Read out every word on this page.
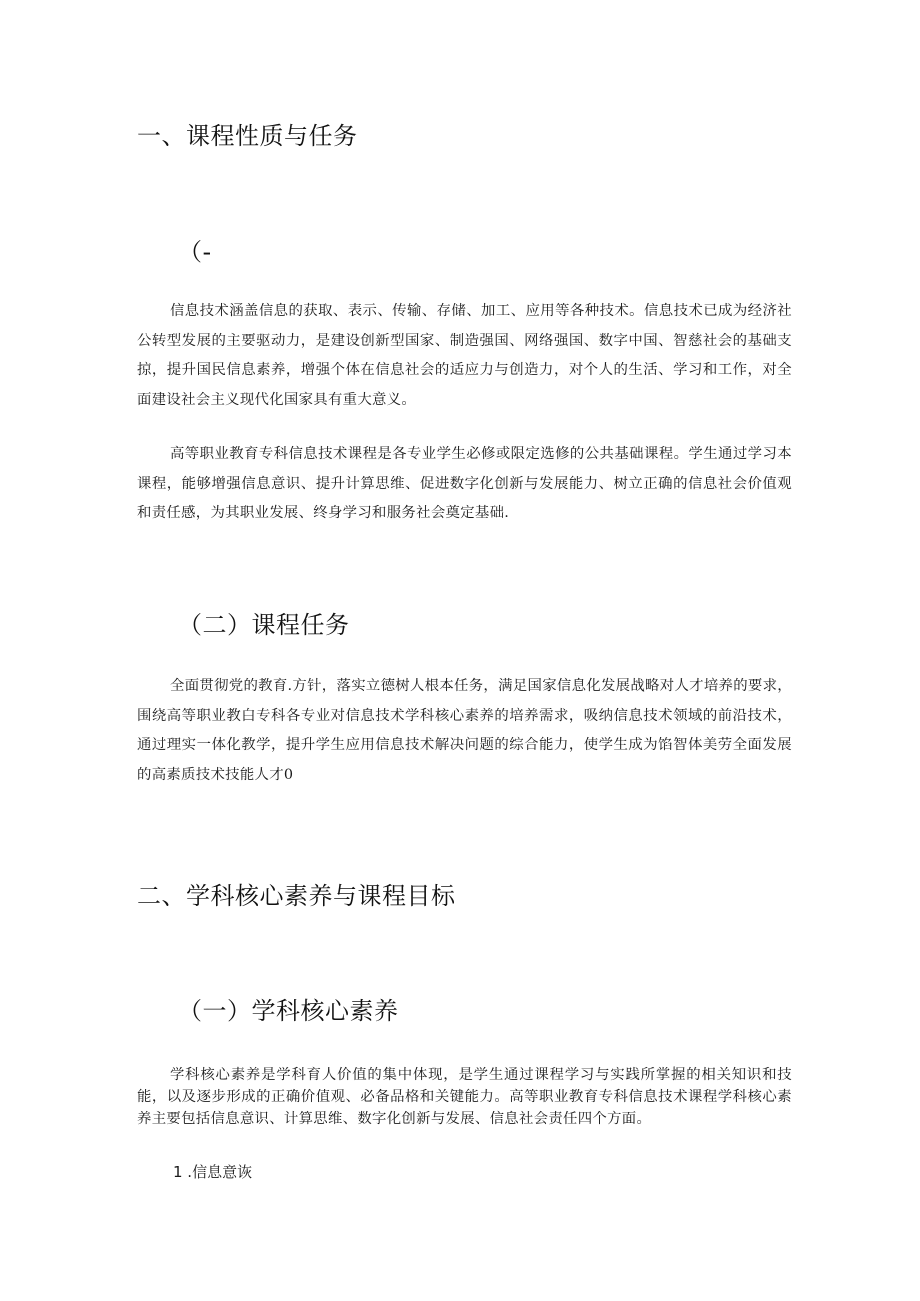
一、课程性质与任务
（-
信息技术涵盖信息的获取、表示、传输、存储、加工、应用等各种技术。信息技术已成为经济社公转型发展的主要驱动力，是建设创新型国家、制造强国、网络强国、数字中国、智慈社会的基础支掠，提升国民信息素养，增强个体在信息社会的适应力与创造力，对个人的生活、学习和工作，对全面建设社会主义现代化国家具有重大意义。
高等职业教育专科信息技术课程是各专业学生必修或限定选修的公共基础课程。学生通过学习本课程，能够增强信息意识、提升计算思维、促进数字化创新与发展能力、树立正确的信息社会价值观和责任感，为其职业发展、终身学习和服务社会奠定基础.
（二）课程任务
全面贯彻党的教育.方针，落实立德树人根本任务，满足国家信息化发展战略对人才培养的要求，围绕高等职业教白专科各专业对信息技术学科核心素养的培养需求，吸纳信息技术领域的前沿技术，通过理实一体化教学，提升学生应用信息技术解决问题的综合能力，使学生成为馅智体美劳全面发展的高素质技术技能人才0
二、学科核心素养与课程目标
（一）学科核心素养
学科核心素养是学科育人价值的集中体现，是学生通过课程学习与实践所掌握的相关知识和技能，以及逐步形成的正确价值观、必备品格和关键能力。高等职业教育专科信息技术课程学科核心素养主要包括信息意识、计算思维、数字化创新与发展、信息社会责任四个方面。
1 .信息意诙
